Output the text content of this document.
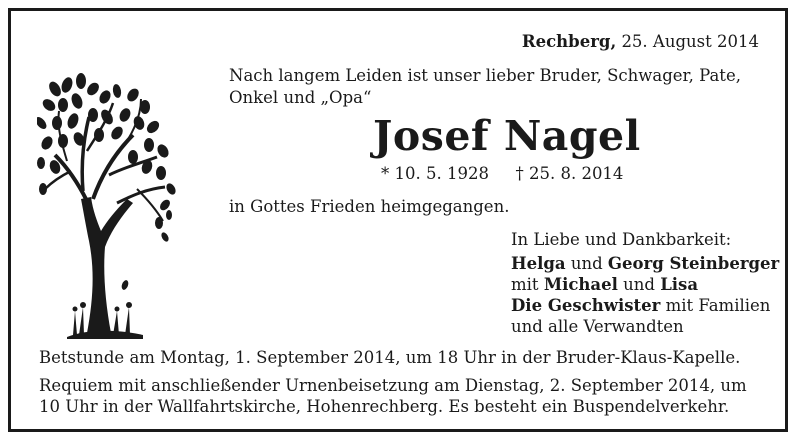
Rechberg, 25. August 2014
Nach langem Leiden ist unser lieber Bruder, Schwager, Pate,
Onkel und „Opa“
Josef Nagel
* 10. 5. 1928 † 25. 8. 2014
in Gottes Frieden heimgegangen.
In Liebe und Dankbarkeit:
Helga und Georg Steinberger
mit Michael und Lisa
Die Geschwister mit Familien
und alle Verwandten
Betstunde am Montag, 1. September 2014, um 18 Uhr in der Bruder-Klaus-Kapelle.
Requiem mit anschließender Urnenbeisetzung am Dienstag, 2. September 2014, um
10 Uhr in der Wallfahrtskirche, Hohenrechberg. Es besteht ein Buspendelverkehr.
